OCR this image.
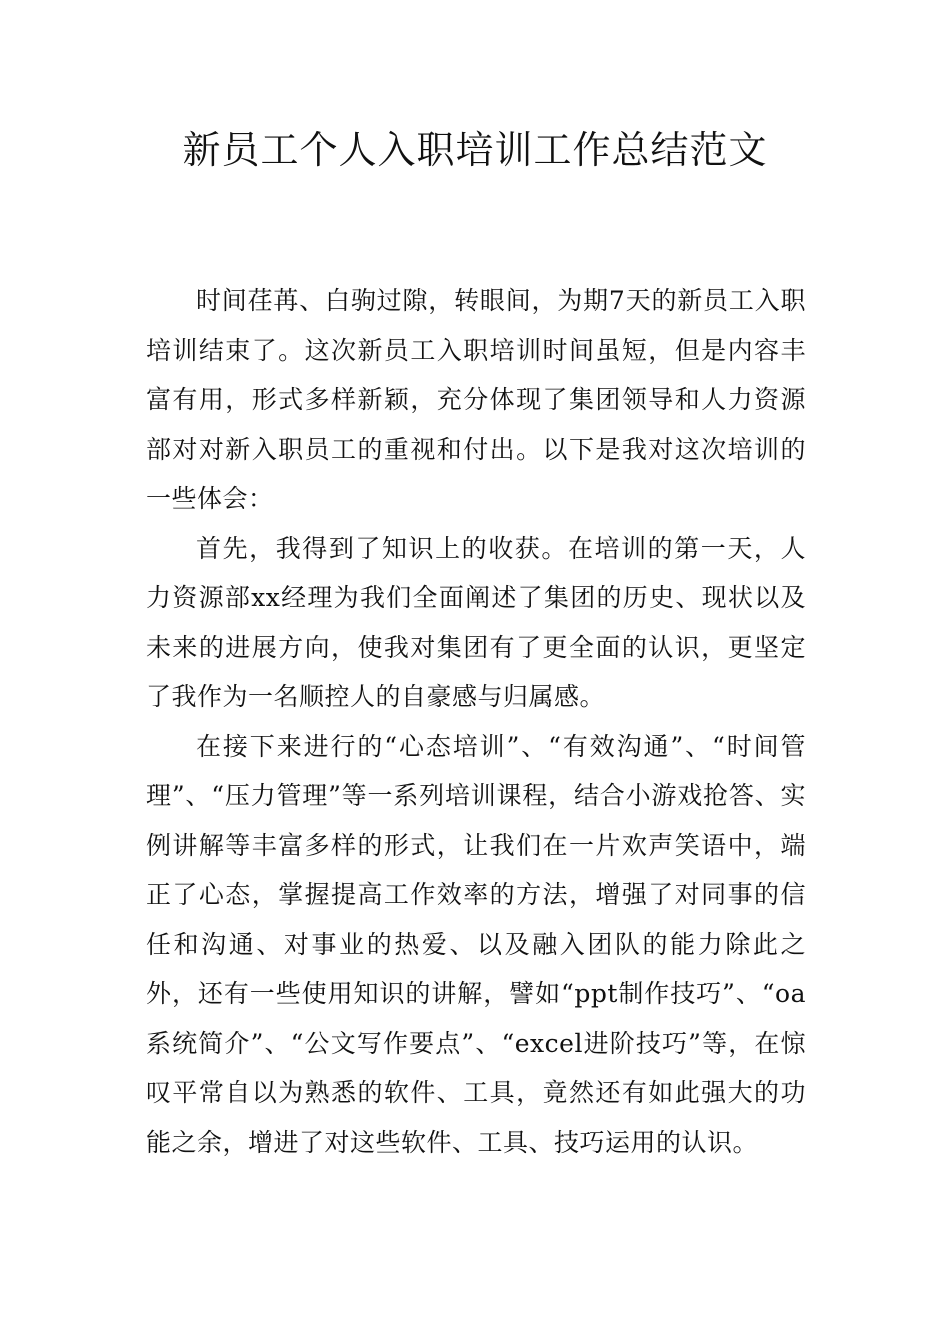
新员工个人入职培训工作总结范文

时间荏苒、白驹过隙，转眼间，为期7天的新员工入职培训结束了。这次新员工入职培训时间虽短，但是内容丰富有用，形式多样新颖，充分体现了集团领导和人力资源部对对新入职员工的重视和付出。以下是我对这次培训的一些体会：

首先，我得到了知识上的收获。在培训的第一天，人力资源部xx经理为我们全面阐述了集团的历史、现状以及未来的进展方向，使我对集团有了更全面的认识，更坚定了我作为一名顺控人的自豪感与归属感。

在接下来进行的“心态培训”、“有效沟通”、“时间管理”、“压力管理”等一系列培训课程，结合小游戏抢答、实例讲解等丰富多样的形式，让我们在一片欢声笑语中，端正了心态，掌握提高工作效率的方法，增强了对同事的信任和沟通、对事业的热爱、以及融入团队的能力除此之外，还有一些使用知识的讲解，譬如“ppt制作技巧”、“oa系统简介”、“公文写作要点”、“excel进阶技巧”等，在惊叹平常自以为熟悉的软件、工具，竟然还有如此强大的功能之余，增进了对这些软件、工具、技巧运用的认识。
